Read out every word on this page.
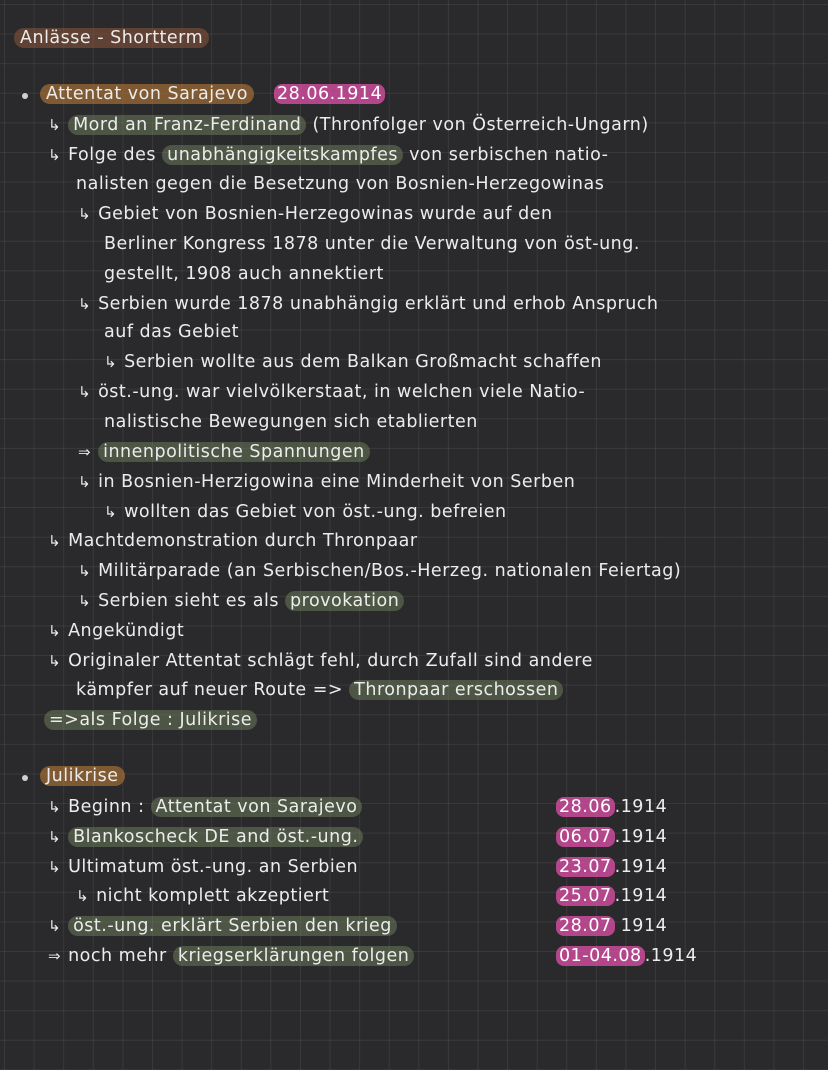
Anlässe - Shortterm
Attentat von Sarajevo 28.06.1914
↳ Mord an Franz-Ferdinand (Thronfolger von Österreich-Ungarn)
↳ Folge des unabhängigkeitskampfes von serbischen natio-
nalisten gegen die Besetzung von Bosnien-Herzegowinas
↳ Gebiet von Bosnien-Herzegowinas wurde auf den
Berliner Kongress 1878 unter die Verwaltung von öst-ung.
gestellt, 1908 auch annektiert
↳ Serbien wurde 1878 unabhängig erklärt und erhob Anspruch
auf das Gebiet
↳ Serbien wollte aus dem Balkan Großmacht schaffen
↳ öst.-ung. war vielvölkerstaat, in welchen viele Natio-
nalistische Bewegungen sich etablierten
⇒ innenpolitische Spannungen
↳ in Bosnien-Herzigowina eine Minderheit von Serben
↳ wollten das Gebiet von öst.-ung. befreien
↳ Machtdemonstration durch Thronpaar
↳ Militärparade (an Serbischen/Bos.-Herzeg. nationalen Feiertag)
↳ Serbien sieht es als provokation
↳ Angekündigt
↳ Originaler Attentat schlägt fehl, durch Zufall sind andere
kämpfer auf neuer Route => Thronpaar erschossen
=>als Folge : Julikrise
Julikrise
↳ Beginn : Attentat von Sarajevo	28.06 .1914
↳ Blankoscheck DE and öst.-ung.	06.07 .1914
↳ Ultimatum öst.-ung. an Serbien	23.07 .1914
↳ nicht komplett akzeptiert	25.07 .1914
↳ öst.-ung. erklärt Serbien den krieg	28.07 1914
⇒ noch mehr kriegserklärungen folgen	01-04.08 .1914
